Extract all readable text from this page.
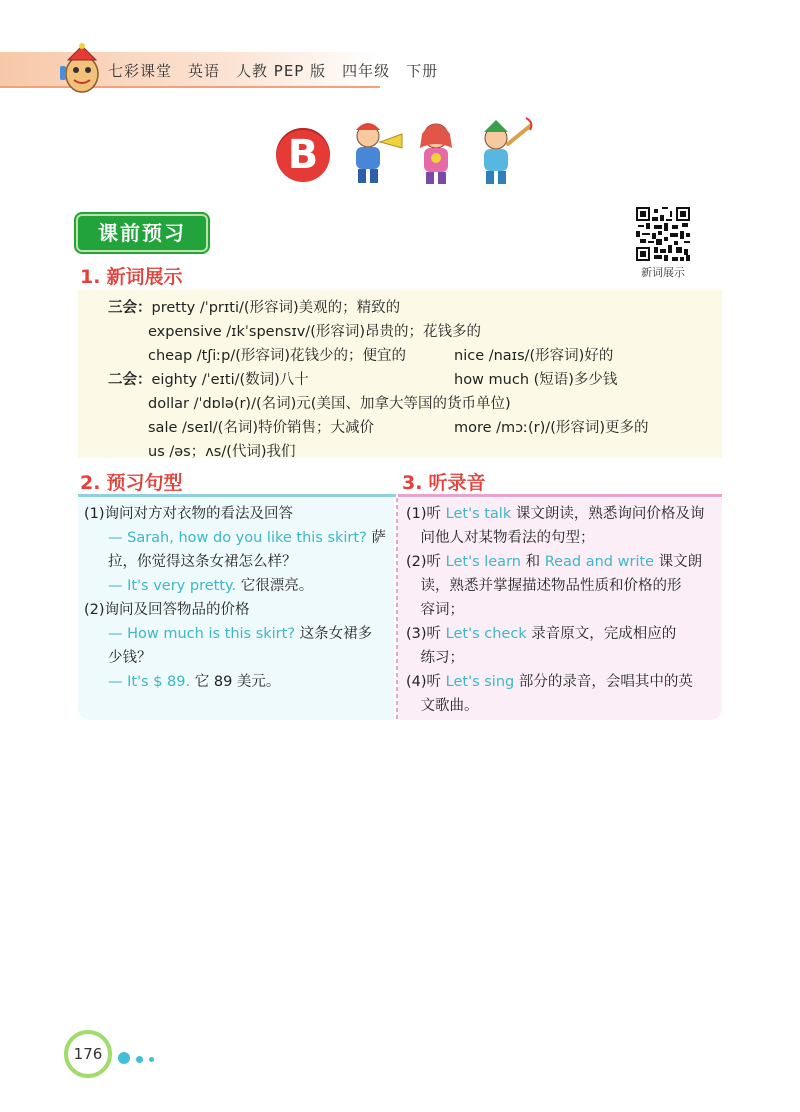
七彩课堂　英语　人教 PEP 版　四年级　下册
B
课前预习
新词展示
1. 新词展示
三会：pretty /ˈprɪti/(形容词)美观的；精致的
expensive /ɪkˈspensɪv/(形容词)昂贵的；花钱多的
cheap /tʃiːp/(形容词)花钱少的；便宜的	nice /naɪs/(形容词)好的
二会：eighty /ˈeɪti/(数词)八十	how much (短语)多少钱
dollar /ˈdɒlə(r)/(名词)元(美国、加拿大等国的货币单位)
sale /seɪl/(名词)特价销售；大减价	more /mɔː(r)/(形容词)更多的
us /əs；ʌs/(代词)我们
2. 预习句型	3. 听录音
(1)询问对方对衣物的看法及回答
— Sarah, how do you like this skirt? 萨
拉，你觉得这条女裙怎么样？
— It's very pretty. 它很漂亮。
(2)询问及回答物品的价格
— How much is this skirt? 这条女裙多
少钱？
— It's $ 89. 它 89 美元。
(1)听 Let's talk 课文朗读，熟悉询问价格及询
　问他人对某物看法的句型；
(2)听 Let's learn 和 Read and write 课文朗
　读，熟悉并掌握描述物品性质和价格的形
　容词；
(3)听 Let's check 录音原文，完成相应的
　练习；
(4)听 Let's sing 部分的录音，会唱其中的英
　文歌曲。
176
